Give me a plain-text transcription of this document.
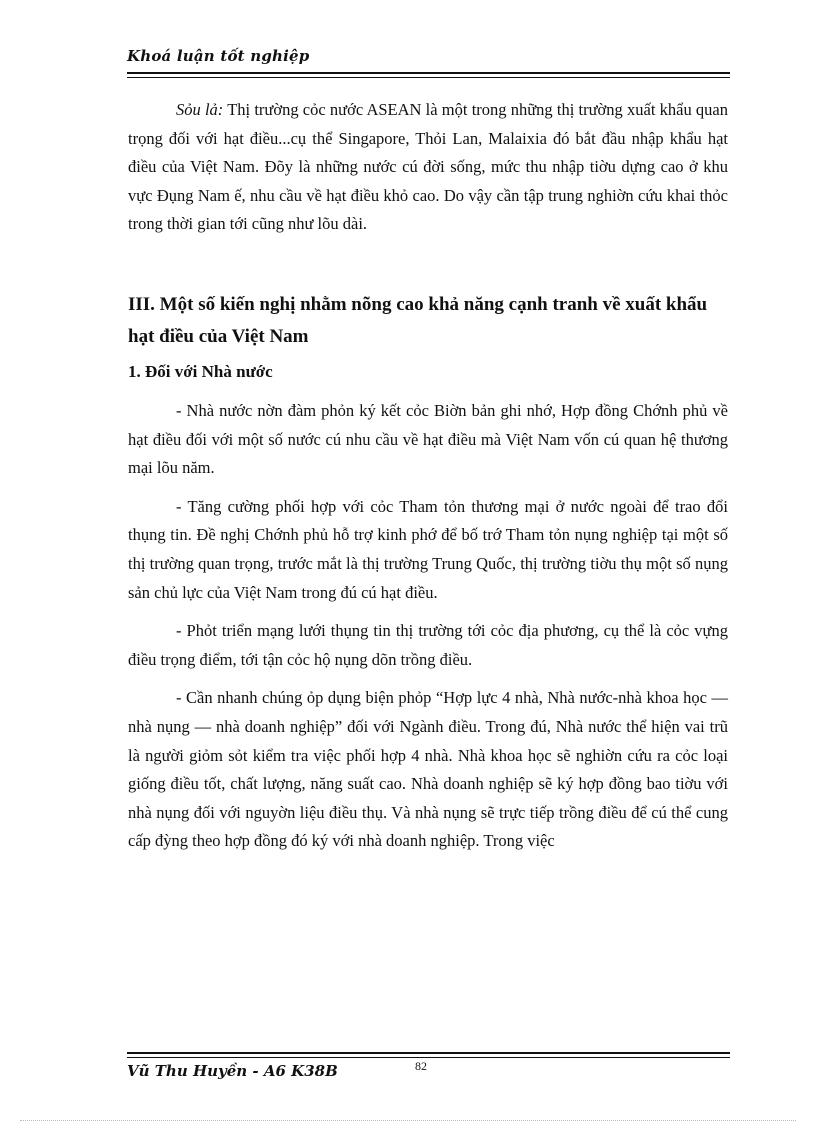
Khoá luận tốt nghiệp

Sỏu lả: Thị trường cỏc nước ASEAN là một trong những thị trường xuất khẩu quan trọng đối với hạt điều...cụ thể Singapore, Thỏi Lan, Malaixia đó bắt đầu nhập khẩu hạt điều của Việt Nam. Đõy là những nước cú đời sống, mức thu nhập tiờu dựng cao ở khu vực Đụng Nam ế, nhu cầu về hạt điều khỏ cao. Do vậy cần tập trung nghiờn cứu khai thỏc trong thời gian tới cũng như lõu dài.

III. Một số kiến nghị nhằm nõng cao khả năng cạnh tranh về xuất khẩu hạt điều của Việt Nam

1. Đối với Nhà nước

- Nhà nước nờn đàm phỏn ký kết cỏc Biờn bản ghi nhớ, Hợp đồng Chớnh phủ về hạt điều đối với một số nước cú nhu cầu về hạt điều mà Việt Nam vốn cú quan hệ thương mại lõu năm.

- Tăng cường phối hợp với cỏc Tham tỏn thương mại ở nước ngoài để trao đổi thụng tin. Đề nghị Chớnh phủ hỗ trợ kinh phớ để bố trớ Tham tỏn nụng nghiệp tại một số thị trường quan trọng, trước mắt là thị trường Trung Quốc, thị trường tiờu thụ một số nụng sản chủ lực của Việt Nam trong đú cú hạt điều.

- Phỏt triển mạng lưới thụng tin thị trường tới cỏc địa phương, cụ thể là cỏc vựng điều trọng điểm, tới tận cỏc hộ nụng dõn trồng điều.

- Cần nhanh chúng ỏp dụng biện phỏp “Hợp lực 4 nhà, Nhà nước-nhà khoa học — nhà nụng — nhà doanh nghiệp” đối với Ngành điều. Trong đú, Nhà nước thể hiện vai trũ là người giỏm sỏt kiểm tra việc phối hợp 4 nhà. Nhà khoa học sẽ nghiờn cứu ra cỏc loại giống điều tốt, chất lượng, năng suất cao. Nhà doanh nghiệp sẽ ký hợp đồng bao tiờu với nhà nụng đối với nguyờn liệu điều thụ. Và nhà nụng sẽ trực tiếp trồng điều để cú thể cung cấp đỳng theo hợp đồng đó ký với nhà doanh nghiệp. Trong việc

Vũ Thu Huyền - A6 K38B	82
